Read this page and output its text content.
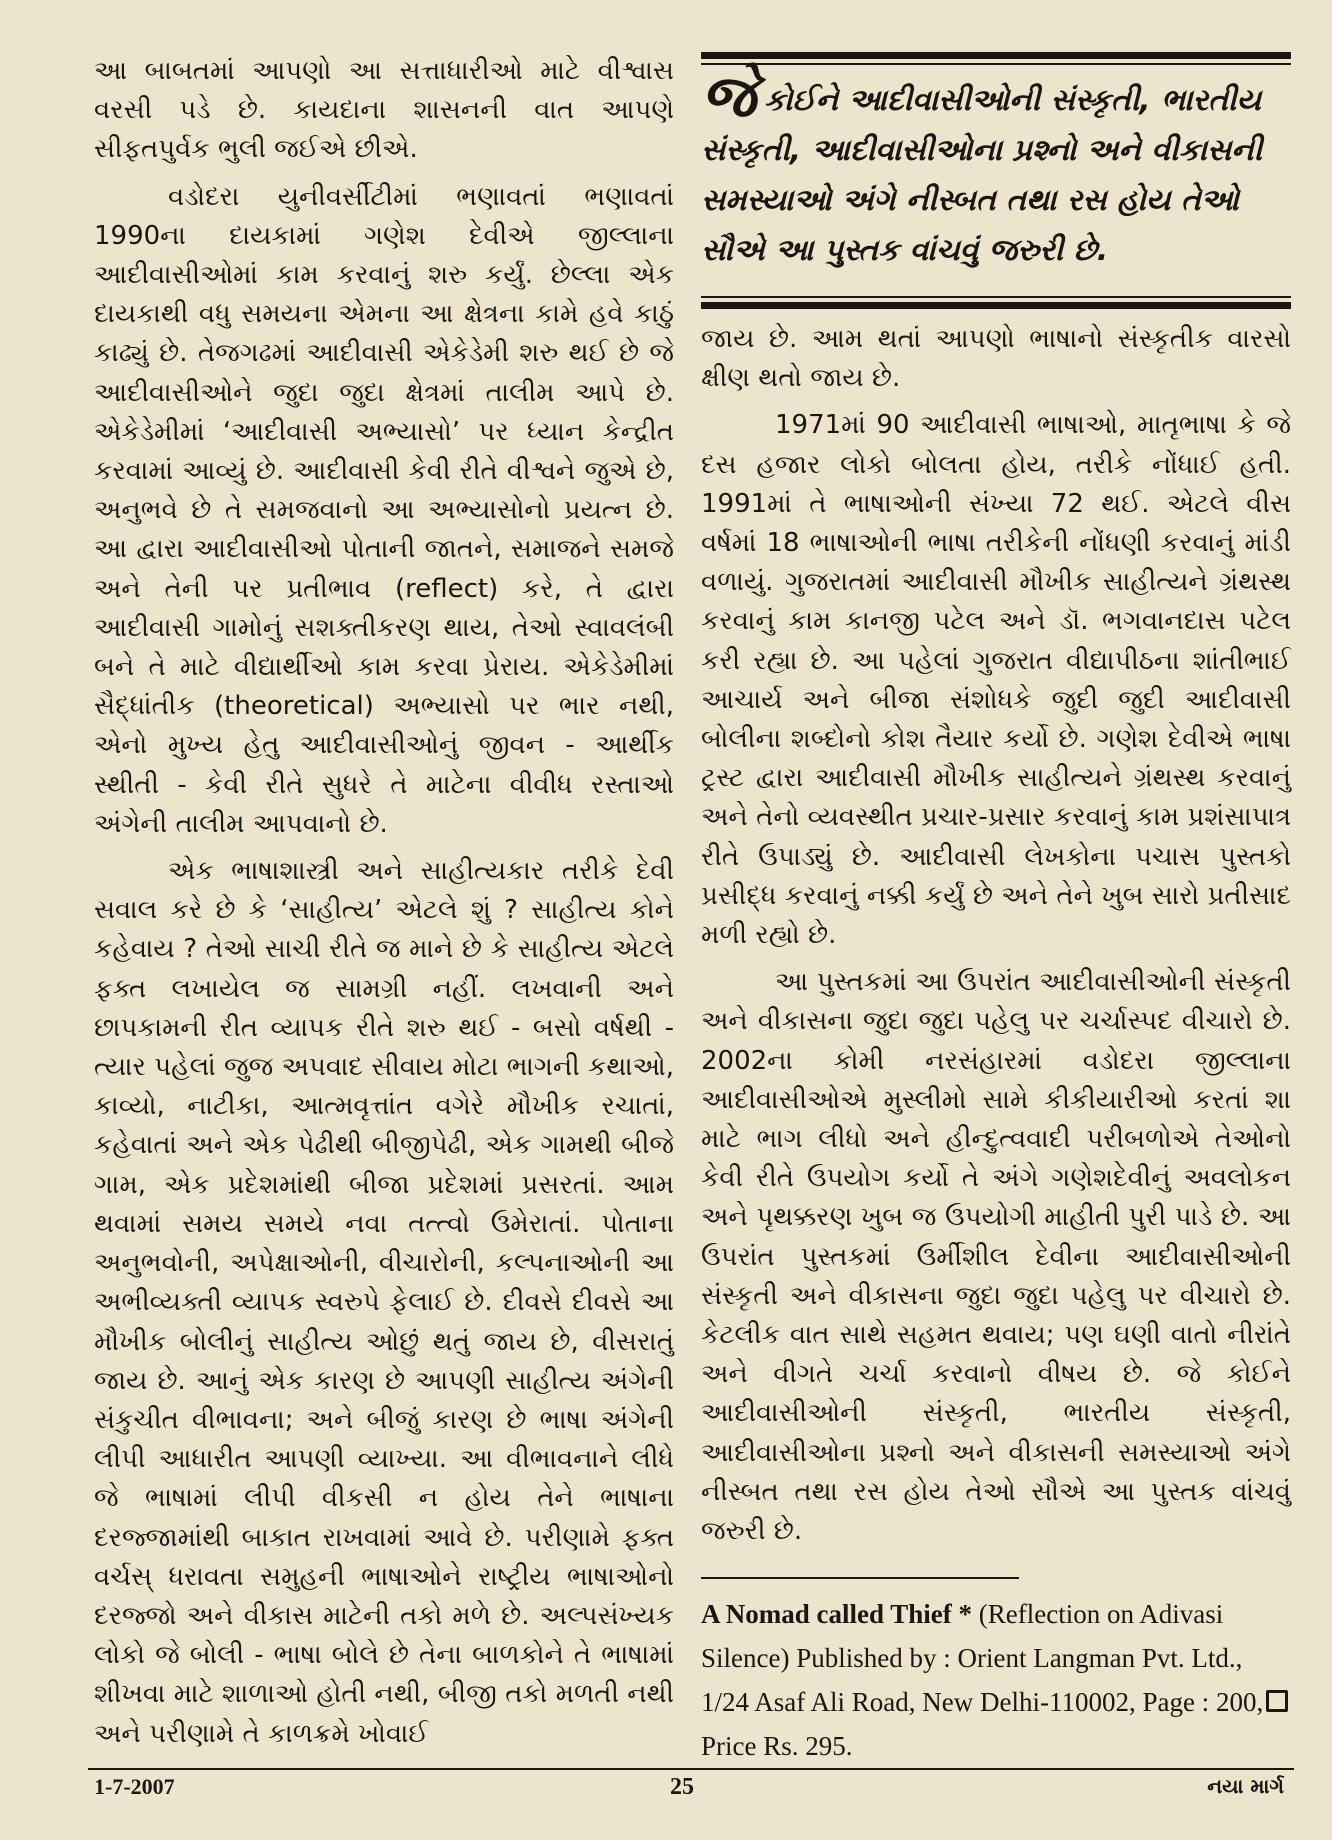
આ બાબતમાં આપણો આ સત્તાધારીઓ માટે વીશ્વાસ વરસી પડે છે. કાયદાના શાસનની વાત આપણે સીફતપુર્વક ભુલી જઈએ છીએ.

વડોદરા યુનીવર્સીટીમાં ભણાવતાં ભણાવતાં 1990ના દાયકામાં ગણેશ દેવીએ જીલ્લાના આદીવાસીઓમાં કામ કરવાનું શરુ કર્યું. છેલ્લા એક દાયકાથી વધુ સમયના એમના આ ક્ષેત્રના કામે હવે કાઠું કાઢ્યું છે. તેજગઢમાં આદીવાસી એકેડેમી શરુ થઈ છે જે આદીવાસીઓને જુદા જુદા ક્ષેત્રમાં તાલીમ આપે છે. એકેડેમીમાં ‘આદીવાસી અભ્યાસો’ પર ધ્યાન કેન્દ્રીત કરવામાં આવ્યું છે. આદીવાસી કેવી રીતે વીશ્વને જુએ છે, અનુભવે છે તે સમજવાનો આ અભ્યાસોનો પ્રયત્ન છે. આ દ્વારા આદીવાસીઓ પોતાની જાતને, સમાજને સમજે અને તેની પર પ્રતીભાવ (reflect) કરે, તે દ્વારા આદીવાસી ગામોનું સશક્તીકરણ થાય, તેઓ સ્વાવલંબી બને તે માટે વીદ્યાર્થીઓ કામ કરવા પ્રેરાય. એકેડેમીમાં સૈદ્ધાંતીક (theoretical) અભ્યાસો પર ભાર નથી, એનો મુખ્ય હેતુ આદીવાસીઓનું જીવન - આર્થીક સ્થીતી - કેવી રીતે સુધરે તે માટેના વીવીધ રસ્તાઓ અંગેની તાલીમ આપવાનો છે.

એક ભાષાશાસ્ત્રી અને સાહીત્યકાર તરીકે દેવી સવાલ કરે છે કે ‘સાહીત્ય’ એટલે શું ? સાહીત્ય કોને કહેવાય ? તેઓ સાચી રીતે જ માને છે કે સાહીત્ય એટલે ફક્ત લખાયેલ જ સામગ્રી નહીં. લખવાની અને છાપકામની રીત વ્યાપક રીતે શરુ થઈ - બસો વર્ષથી - ત્યાર પહેલાં જુજ અપવાદ સીવાય મોટા ભાગની કથાઓ, કાવ્યો, નાટીકા, આત્મવૃત્તાંત વગેરે મૌખીક રચાતાં, કહેવાતાં અને એક પેઢીથી બીજીપેઢી, એક ગામથી બીજે ગામ, એક પ્રદેશમાંથી બીજા પ્રદેશમાં પ્રસરતાં. આમ થવામાં સમય સમયે નવા તત્ત્વો ઉમેરાતાં. પોતાના અનુભવોની, અપેક્ષાઓની, વીચારોની, કલ્પનાઓની આ અભીવ્યક્તી વ્યાપક સ્વરુપે ફેલાઈ છે. દીવસે દીવસે આ મૌખીક બોલીનું સાહીત્ય ઓછું થતું જાય છે, વીસરાતું જાય છે. આનું એક કારણ છે આપણી સાહીત્ય અંગેની સંકુચીત વીભાવના; અને બીજું કારણ છે ભાષા અંગેની લીપી આધારીત આપણી વ્યાખ્યા. આ વીભાવનાને લીધે જે ભાષામાં લીપી વીકસી ન હોય તેને ભાષાના દરજ્જામાંથી બાકાત રાખવામાં આવે છે. પરીણામે ફક્ત વર્ચસ્ ધરાવતા સમુહની ભાષાઓને રાષ્ટ્રીય ભાષાઓનો દરજ્જો અને વીકાસ માટેની તકો મળે છે. અલ્પસંખ્યક લોકો જે બોલી - ભાષા બોલે છે તેના બાળકોને તે ભાષામાં શીખવા માટે શાળાઓ હોતી નથી, બીજી તકો મળતી નથી અને પરીણામે તે કાળક્રમે ખોવાઈ

જેકોઈને આદીવાસીઓની સંસ્કૃતી, ભારતીય સંસ્કૃતી, આદીવાસીઓના પ્રશ્નો અને વીકાસની સમસ્યાઓ અંગે નીસ્બત તથા રસ હોય તેઓ સૌએ આ પુસ્તક વાંચવું જરુરી છે.

જાય છે. આમ થતાં આપણો ભાષાનો સંસ્કૃતીક વારસો ક્ષીણ થતો જાય છે.

1971માં 90 આદીવાસી ભાષાઓ, માતૃભાષા કે જે દસ હજાર લોકો બોલતા હોય, તરીકે નોંધાઈ હતી. 1991માં તે ભાષાઓની સંખ્યા 72 થઈ. એટલે વીસ વર્ષમાં 18 ભાષાઓની ભાષા તરીકેની નોંધણી કરવાનું માંડી વળાયું. ગુજરાતમાં આદીવાસી મૌખીક સાહીત્યને ગ્રંથસ્થ કરવાનું કામ કાનજી પટેલ અને ડૉ. ભગવાનદાસ પટેલ કરી રહ્યા છે. આ પહેલાં ગુજરાત વીદ્યાપીઠના શાંતીભાઈ આચાર્ય અને બીજા સંશોધકે જુદી જુદી આદીવાસી બોલીના શબ્દોનો કોશ તૈયાર કર્યો છે. ગણેશ દેવીએ ભાષા ટ્રસ્ટ દ્વારા આદીવાસી મૌખીક સાહીત્યને ગ્રંથસ્થ કરવાનું અને તેનો વ્યવસ્થીત પ્રચાર-પ્રસાર કરવાનું કામ પ્રશંસાપાત્ર રીતે ઉપાડ્યું છે. આદીવાસી લેખકોના પચાસ પુસ્તકો પ્રસીદ્ધ કરવાનું નક્કી કર્યું છે અને તેને ખુબ સારો પ્રતીસાદ મળી રહ્યો છે.

આ પુસ્તકમાં આ ઉપરાંત આદીવાસીઓની સંસ્કૃતી અને વીકાસના જુદા જુદા પહેલુ પર ચર્ચાસ્પદ વીચારો છે. 2002ના કોમી નરસંહારમાં વડોદરા જીલ્લાના આદીવાસીઓએ મુસ્લીમો સામે કીકીયારીઓ કરતાં શા માટે ભાગ લીધો અને હીન્દુત્વવાદી પરીબળોએ તેઓનો કેવી રીતે ઉપયોગ કર્યો તે અંગે ગણેશદેવીનું અવલોકન અને પૃથક્કરણ ખુબ જ ઉપયોગી માહીતી પુરી પાડે છે. આ ઉપરાંત પુસ્તકમાં ઉર્મીશીલ દેવીના આદીવાસીઓની સંસ્કૃતી અને વીકાસના જુદા જુદા પહેલુ પર વીચારો છે. કેટલીક વાત સાથે સહમત થવાય; પણ ઘણી વાતો નીરાંતે અને વીગતે ચર્ચા કરવાનો વીષય છે. જે કોઈને આદીવાસીઓની સંસ્કૃતી, ભારતીય સંસ્કૃતી, આદીવાસીઓના પ્રશ્નો અને વીકાસની સમસ્યાઓ અંગે નીસ્બત તથા રસ હોય તેઓ સૌએ આ પુસ્તક વાંચવું જરુરી છે.

A Nomad called Thief * (Reflection on Adivasi Silence) Published by : Orient Langman Pvt. Ltd., 1/24 Asaf Ali Road, New Delhi-110002, Page : 200, Price Rs. 295.
1-7-2007	25	નયા માર્ગ
